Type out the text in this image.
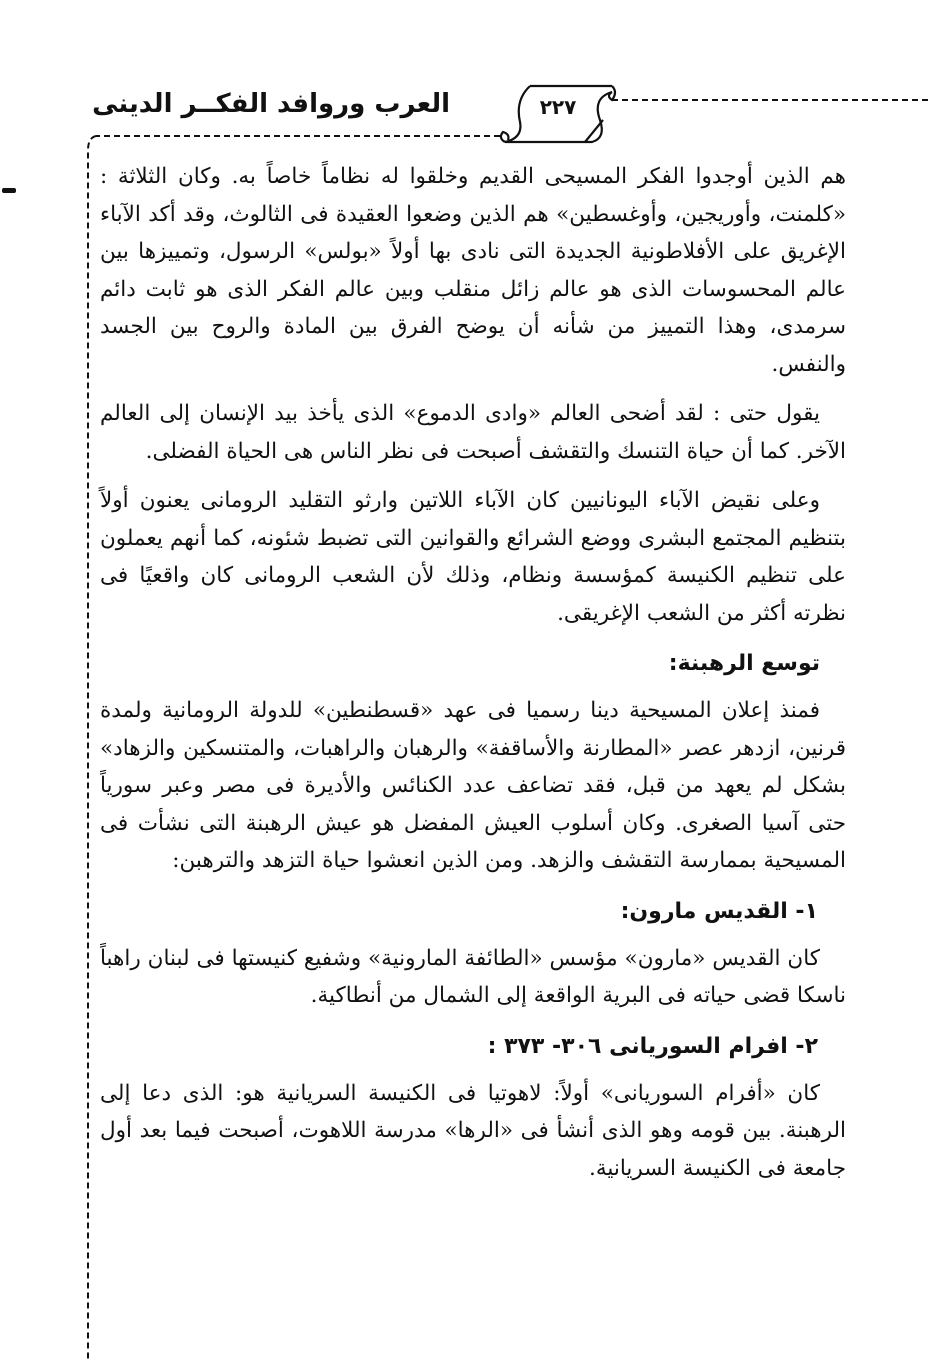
العرب وروافد الفكــر الدينى	٢٢٧

هم الذين أوجدوا الفكر المسيحى القديم وخلقوا له نظاماً خاصاً به. وكان الثلاثة : «كلمنت، وأوريجين، وأوغسطين» هم الذين وضعوا العقيدة فى الثالوث، وقد أكد الآباء الإغريق على الأفلاطونية الجديدة التى نادى بها أولاً «بولس» الرسول، وتمييزها بين عالم المحسوسات الذى هو عالم زائل منقلب وبين عالم الفكر الذى هو ثابت دائم سرمدى، وهذا التمييز من شأنه أن يوضح الفرق بين المادة والروح بين الجسد والنفس.

يقول حتى : لقد أضحى العالم «وادى الدموع» الذى يأخذ بيد الإنسان إلى العالم الآخر. كما أن حياة التنسك والتقشف أصبحت فى نظر الناس هى الحياة الفضلى.

وعلى نقيض الآباء اليونانيين كان الآباء اللاتين وارثو التقليد الرومانى يعنون أولاً بتنظيم المجتمع البشرى ووضع الشرائع والقوانين التى تضبط شئونه، كما أنهم يعملون على تنظيم الكنيسة كمؤسسة ونظام، وذلك لأن الشعب الرومانى كان واقعيًا فى نظرته أكثر من الشعب الإغريقى.

توسع الرهبنة:

فمنذ إعلان المسيحية دينا رسميا فى عهد «قسطنطين» للدولة الرومانية ولمدة قرنين، ازدهر عصر «المطارنة والأساقفة» والرهبان والراهبات، والمتنسكين والزهاد» بشكل لم يعهد من قبل، فقد تضاعف عدد الكنائس والأديرة فى مصر وعبر سورياً حتى آسيا الصغرى. وكان أسلوب العيش المفضل هو عيش الرهبنة التى نشأت فى المسيحية بممارسة التقشف والزهد. ومن الذين انعشوا حياة التزهد والترهبن:

١- القديس مارون:

كان القديس «مارون» مؤسس «الطائفة المارونية» وشفيع كنيستها فى لبنان راهباً ناسكا قضى حياته فى البرية الواقعة إلى الشمال من أنطاكية.

٢- افرام السوريانى ٣٠٦- ٣٧٣ :

كان «أفرام السوريانى» أولاً: لاهوتيا فى الكنيسة السريانية هو: الذى دعا إلى الرهبنة. بين قومه وهو الذى أنشأ فى «الرها» مدرسة اللاهوت، أصبحت فيما بعد أول جامعة فى الكنيسة السريانية.
